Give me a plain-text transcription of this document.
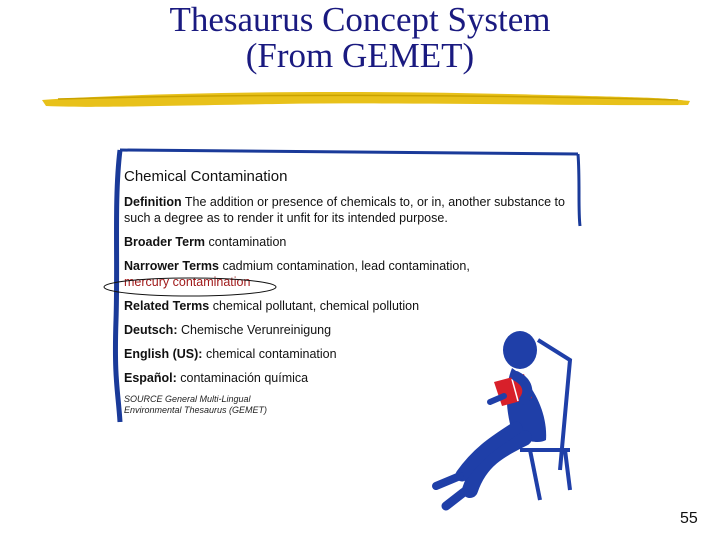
Thesaurus Concept System
(From GEMET)
Chemical Contamination
Definition The addition or presence of chemicals to, or in, another substance to such a degree as to render it unfit for its intended purpose.
Broader Term contamination
Narrower Terms cadmium contamination, lead contamination,
mercury contamination
Related Terms chemical pollutant, chemical pollution
Deutsch: Chemische Verunreinigung
English (US): chemical contamination
Español: contaminación química
SOURCE General Multi-Lingual Environmental Thesaurus (GEMET)
55
